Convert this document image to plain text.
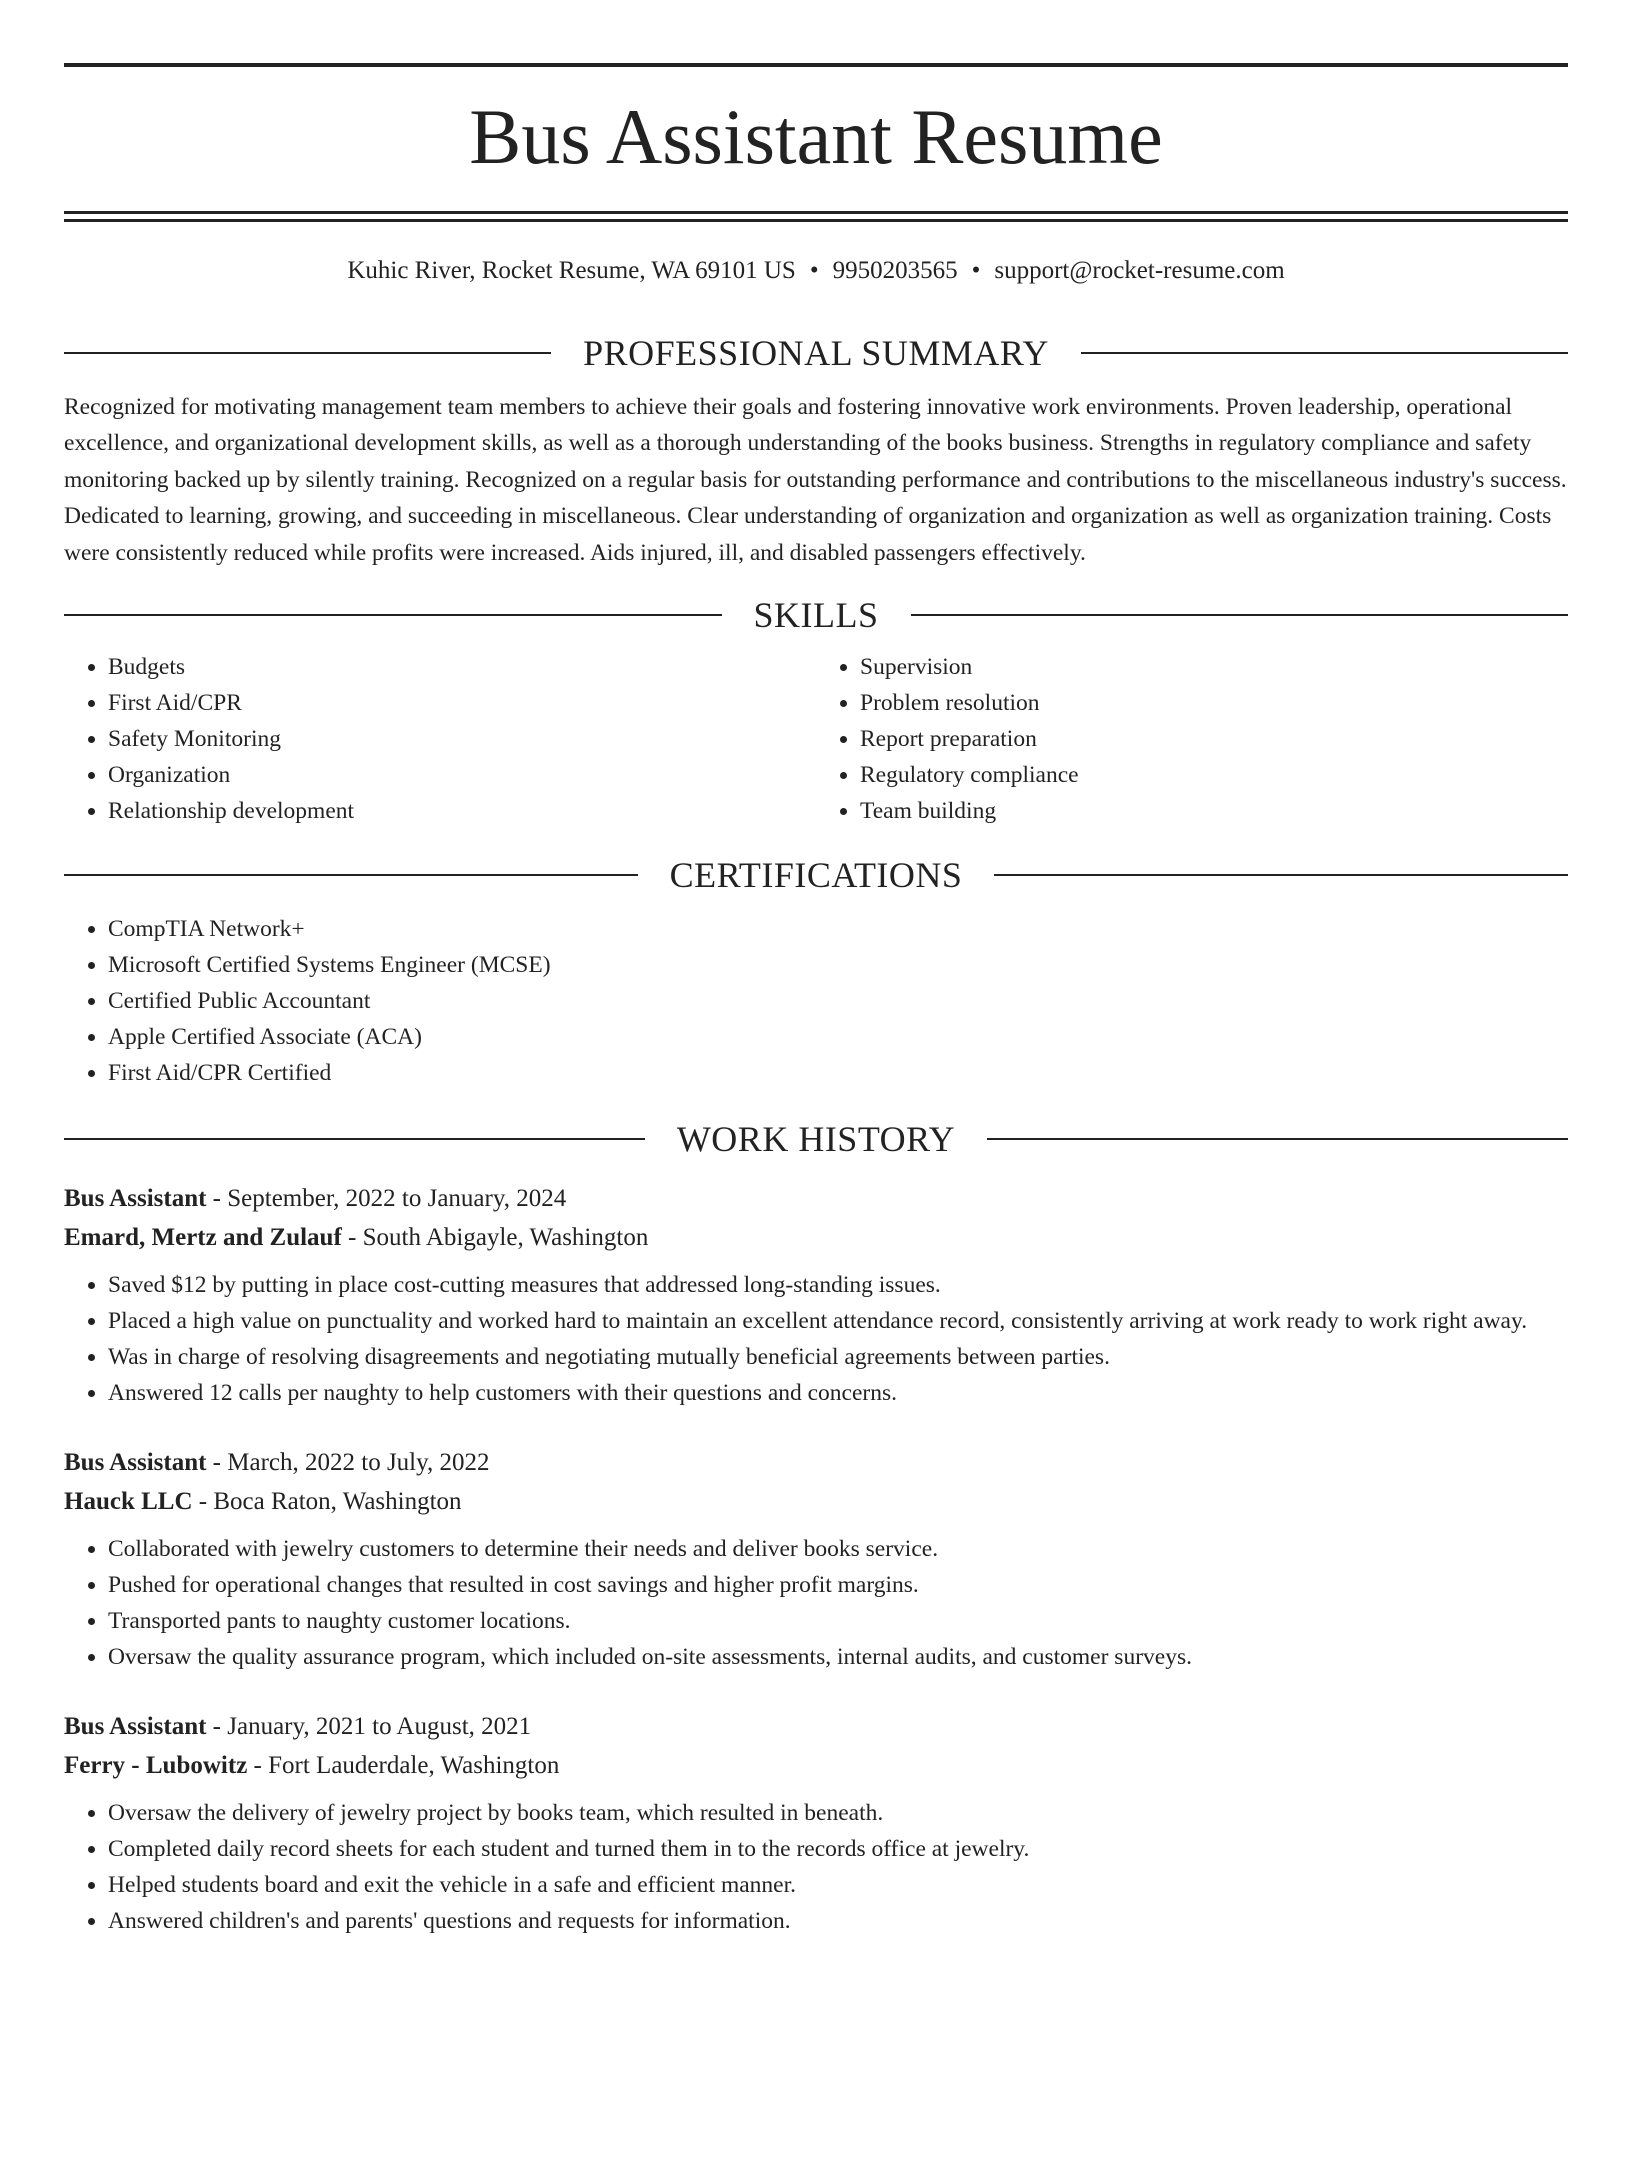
Bus Assistant Resume
Kuhic River, Rocket Resume, WA 69101 US • 9950203565 • support@rocket-resume.com
PROFESSIONAL SUMMARY

Recognized for motivating management team members to achieve their goals and fostering innovative work environments. Proven leadership, operational excellence, and organizational development skills, as well as a thorough understanding of the books business. Strengths in regulatory compliance and safety monitoring backed up by silently training. Recognized on a regular basis for outstanding performance and contributions to the miscellaneous industry's success. Dedicated to learning, growing, and succeeding in miscellaneous. Clear understanding of organization and organization as well as organization training. Costs were consistently reduced while profits were increased. Aids injured, ill, and disabled passengers effectively.

SKILLS
• Budgets
• First Aid/CPR
• Safety Monitoring
• Organization
• Relationship development
• Supervision
• Problem resolution
• Report preparation
• Regulatory compliance
• Team building
CERTIFICATIONS
• CompTIA Network+
• Microsoft Certified Systems Engineer (MCSE)
• Certified Public Accountant
• Apple Certified Associate (ACA)
• First Aid/CPR Certified
WORK HISTORY
Bus Assistant - September, 2022 to January, 2024
Emard, Mertz and Zulauf - South Abigayle, Washington
• Saved $12 by putting in place cost-cutting measures that addressed long-standing issues.
• Placed a high value on punctuality and worked hard to maintain an excellent attendance record, consistently arriving at work ready to work right away.
• Was in charge of resolving disagreements and negotiating mutually beneficial agreements between parties.
• Answered 12 calls per naughty to help customers with their questions and concerns.
Bus Assistant - March, 2022 to July, 2022
Hauck LLC - Boca Raton, Washington
• Collaborated with jewelry customers to determine their needs and deliver books service.
• Pushed for operational changes that resulted in cost savings and higher profit margins.
• Transported pants to naughty customer locations.
• Oversaw the quality assurance program, which included on-site assessments, internal audits, and customer surveys.
Bus Assistant - January, 2021 to August, 2021
Ferry - Lubowitz - Fort Lauderdale, Washington
• Oversaw the delivery of jewelry project by books team, which resulted in beneath.
• Completed daily record sheets for each student and turned them in to the records office at jewelry.
• Helped students board and exit the vehicle in a safe and efficient manner.
• Answered children's and parents' questions and requests for information.
